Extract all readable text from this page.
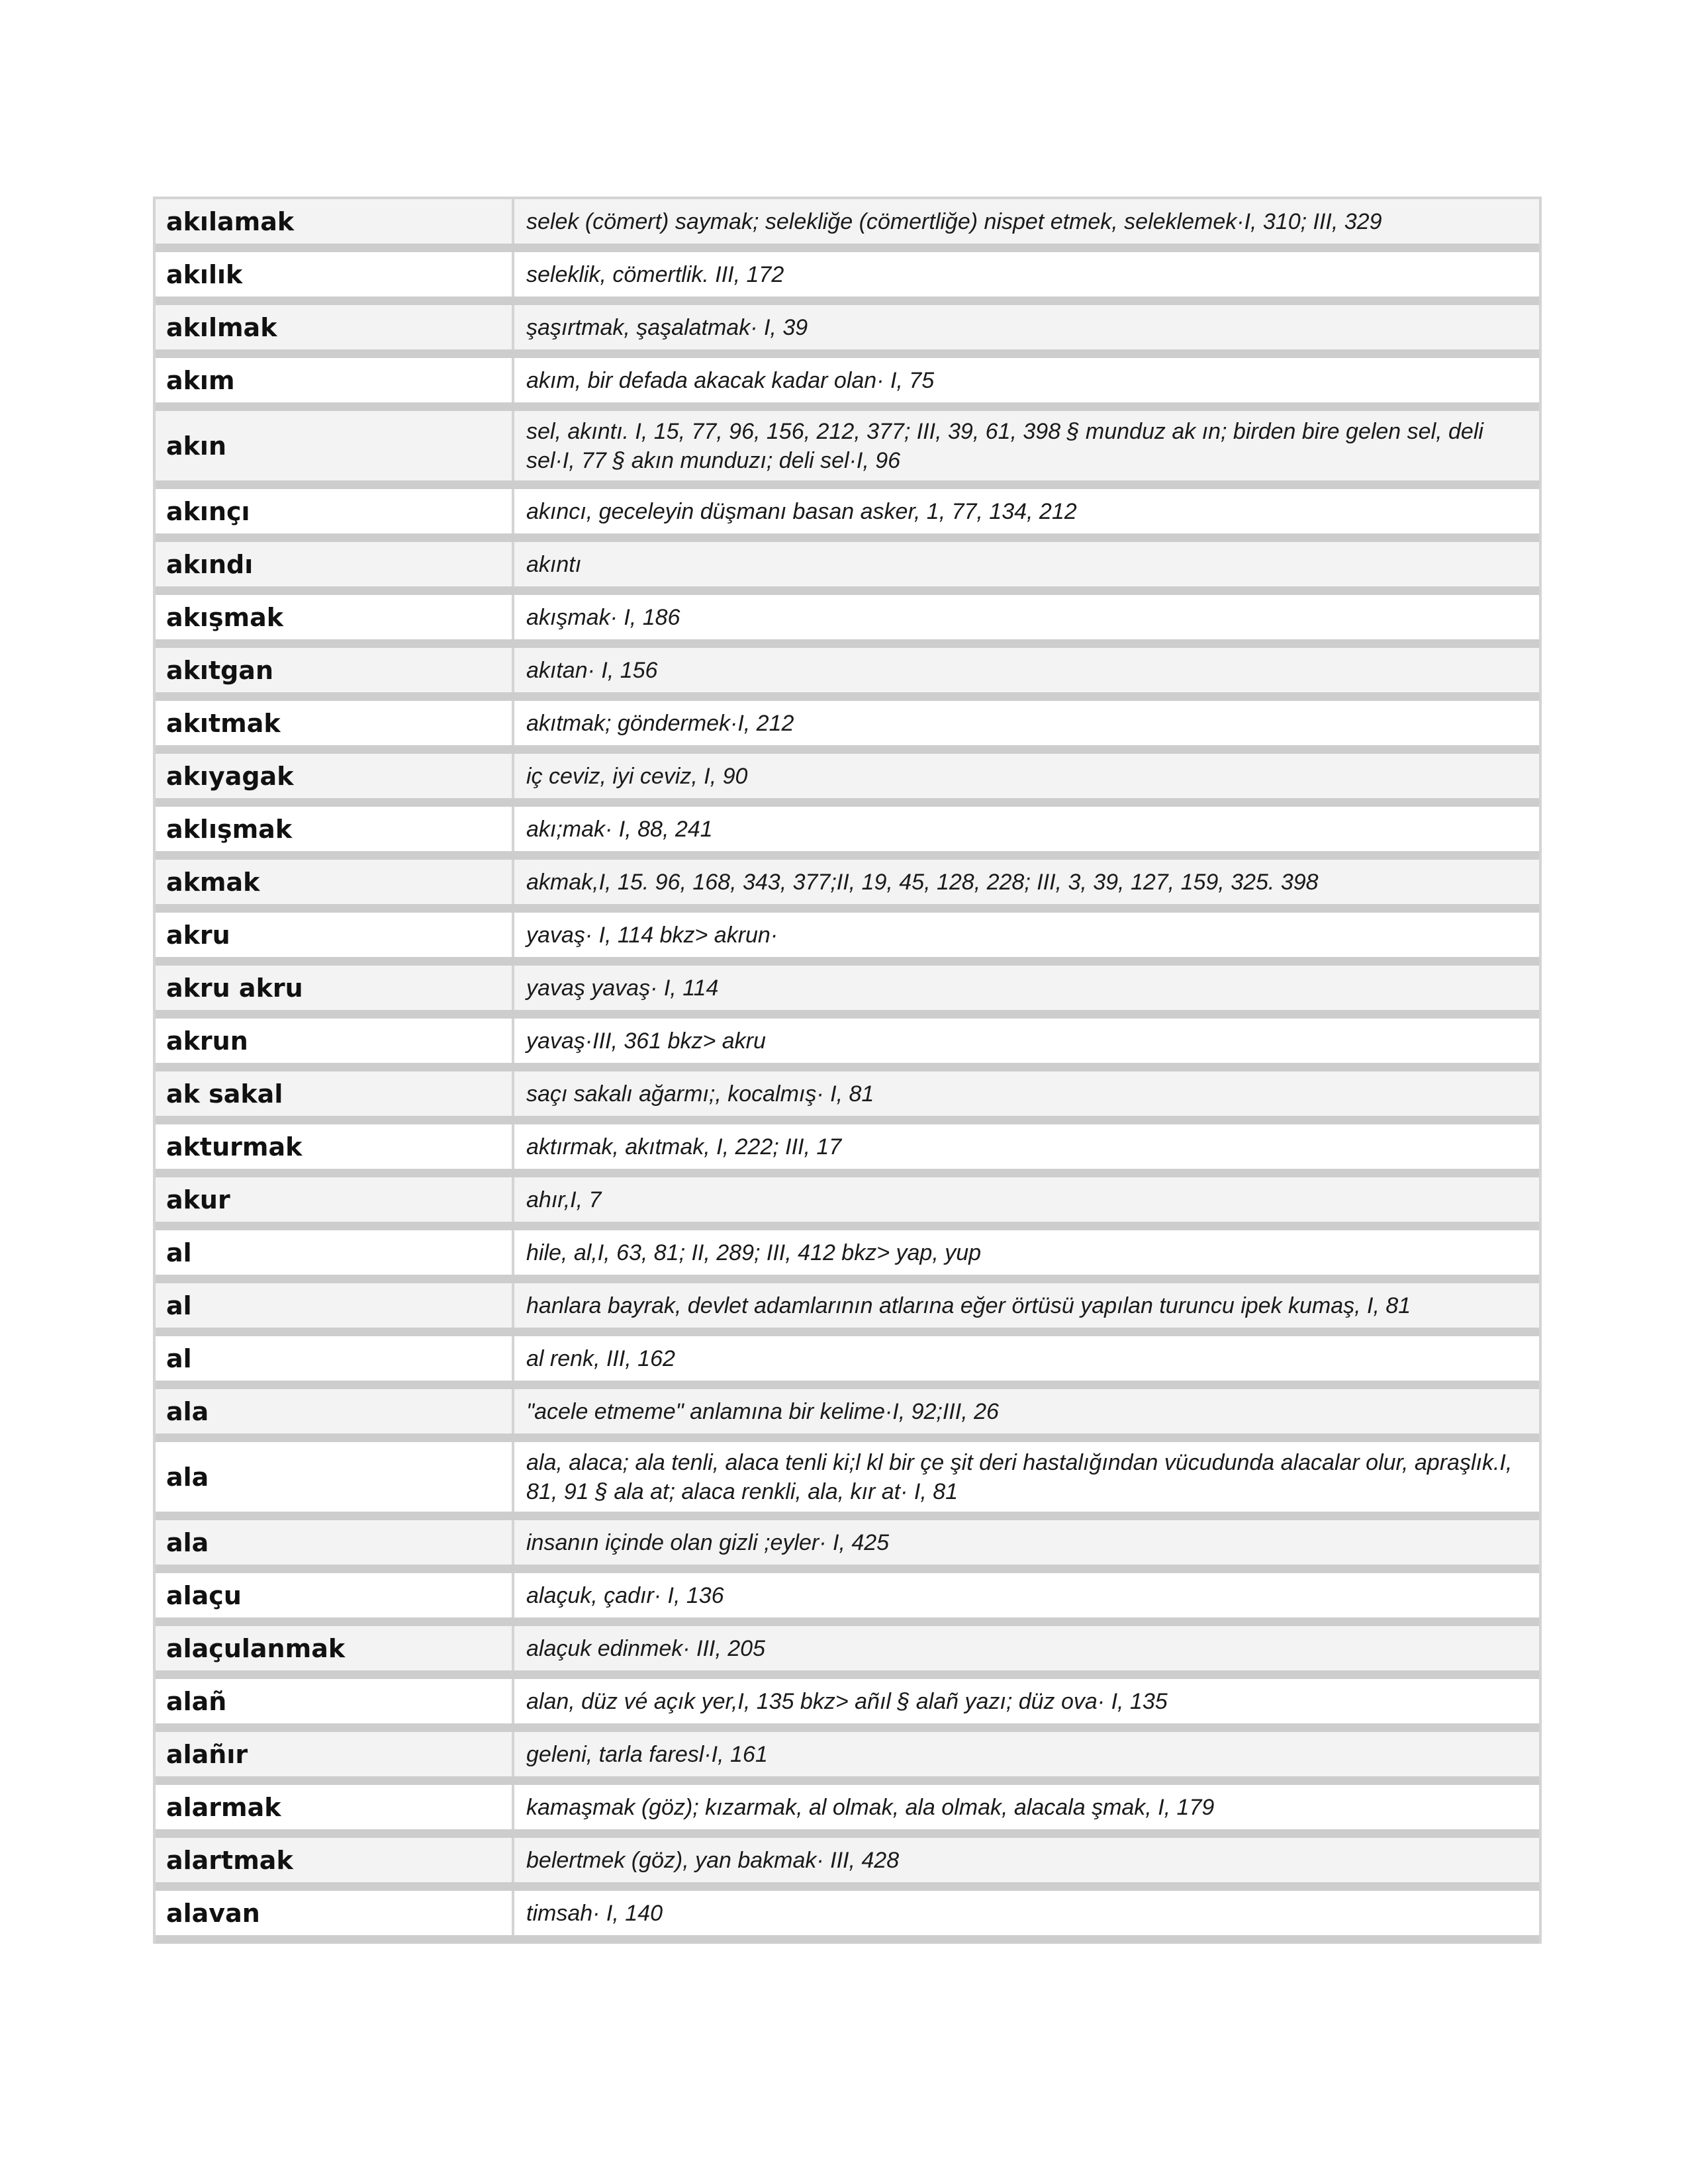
akılamak	selek (cömert) saymak; selekliğe (cömertliğe) nispet etmek, seleklemek·I, 310; III, 329
akılık	seleklik, cömertlik. III, 172
akılmak	şaşırtmak, şaşalatmak· I, 39
akım	akım, bir defada akacak kadar olan· I, 75
akın	sel, akıntı. I, 15, 77, 96, 156, 212, 377; III, 39, 61, 398 § munduz ak ın; birden bire gelen sel, deli sel·I, 77 § akın munduzı; deli sel·I, 96
akınçı	akıncı, geceleyin düşmanı basan asker, 1, 77, 134, 212
akındı	akıntı
akışmak	akışmak· I, 186
akıtgan	akıtan· I, 156
akıtmak	akıtmak; göndermek·I, 212
akıyagak	iç ceviz, iyi ceviz, I, 90
aklışmak	akı;mak· I, 88, 241
akmak	akmak,I, 15. 96, 168, 343, 377;II, 19, 45, 128, 228; III, 3, 39, 127, 159, 325. 398
akru	yavaş· I, 114 bkz> akrun·
akru akru	yavaş yavaş· I, 114
akrun	yavaş·III, 361 bkz> akru
ak sakal	saçı sakalı ağarmı;, kocalmış· I, 81
akturmak	aktırmak, akıtmak, I, 222; III, 17
akur	ahır,I, 7
al	hile, al,I, 63, 81; II, 289; III, 412 bkz> yap, yup
al	hanlara bayrak, devlet adamlarının atlarına eğer örtüsü yapılan turuncu ipek kumaş, I, 81
al	al renk, III, 162
ala	"acele etmeme" anlamına bir kelime·I, 92;III, 26
ala	ala, alaca; ala tenli, alaca tenli ki;l kl bir çe şit deri hastalığından vücudunda alacalar olur, apraşlık.I, 81, 91 § ala at; alaca renkli, ala, kır at· I, 81
ala	insanın içinde olan gizli ;eyler· I, 425
alaçu	alaçuk, çadır· I, 136
alaçulanmak	alaçuk edinmek· III, 205
alañ	alan, düz vé açık yer,I, 135 bkz> añıl § alañ yazı; düz ova· I, 135
alañır	geleni, tarla faresl·I, 161
alarmak	kamaşmak (göz); kızarmak, al olmak, ala olmak, alacala şmak, I, 179
alartmak	belertmek (göz), yan bakmak· III, 428
alavan	timsah· I, 140
